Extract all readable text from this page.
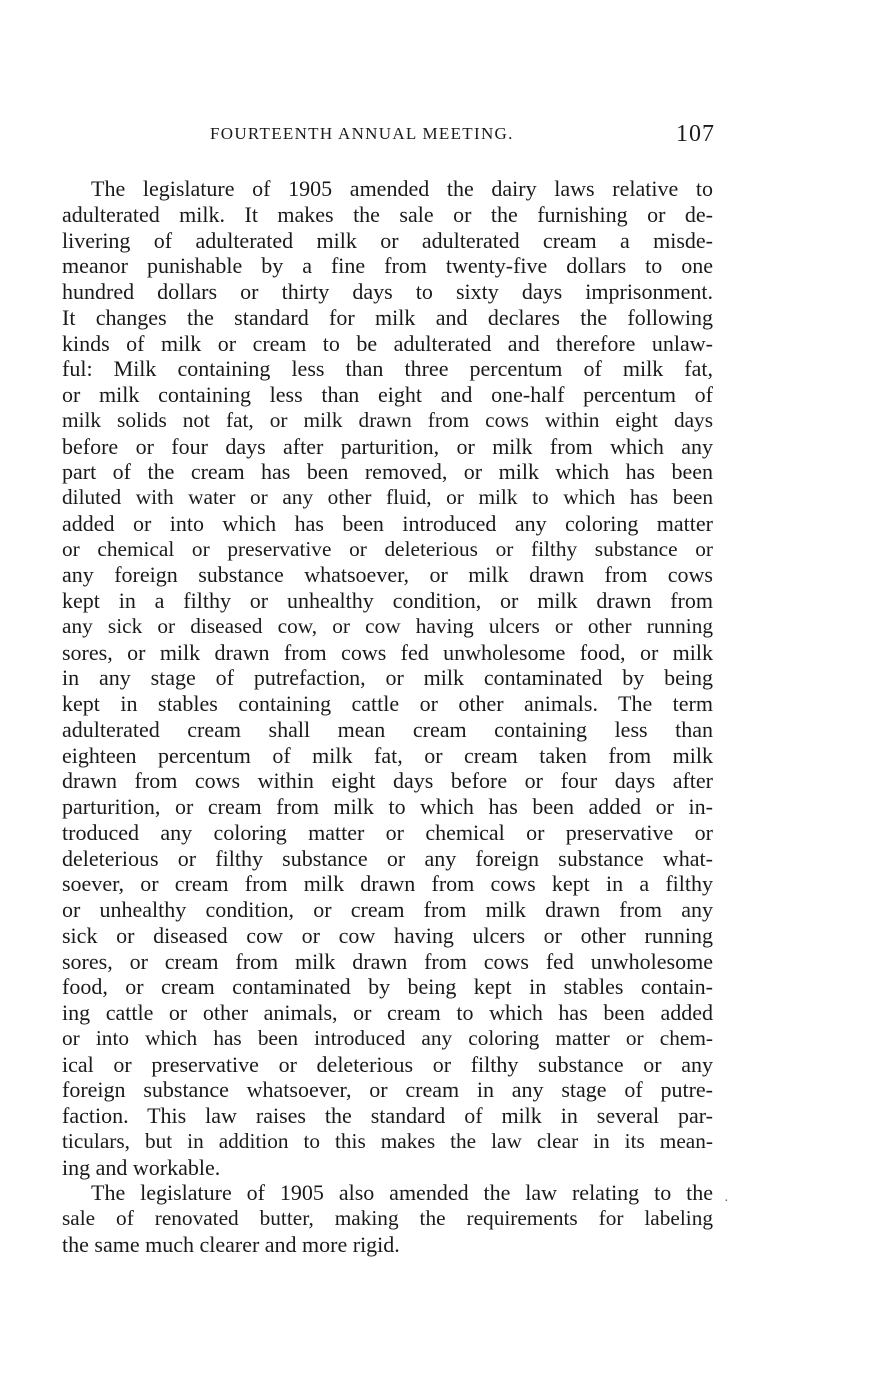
FOURTEENTH ANNUAL MEETING.	107
The legislature of 1905 amended the dairy laws relative to
adulterated milk. It makes the sale or the furnishing or de-
livering of adulterated milk or adulterated cream a misde-
meanor punishable by a fine from twenty-five dollars to one
hundred dollars or thirty days to sixty days imprisonment.
It changes the standard for milk and declares the following
kinds of milk or cream to be adulterated and therefore unlaw-
ful: Milk containing less than three percentum of milk fat,
or milk containing less than eight and one-half percentum of
milk solids not fat, or milk drawn from cows within eight days
before or four days after parturition, or milk from which any
part of the cream has been removed, or milk which has been
diluted with water or any other fluid, or milk to which has been
added or into which has been introduced any coloring matter
or chemical or preservative or deleterious or filthy substance or
any foreign substance whatsoever, or milk drawn from cows
kept in a filthy or unhealthy condition, or milk drawn from
any sick or diseased cow, or cow having ulcers or other running
sores, or milk drawn from cows fed unwholesome food, or milk
in any stage of putrefaction, or milk contaminated by being
kept in stables containing cattle or other animals. The term
adulterated cream shall mean cream containing less than
eighteen percentum of milk fat, or cream taken from milk
drawn from cows within eight days before or four days after
parturition, or cream from milk to which has been added or in-
troduced any coloring matter or chemical or preservative or
deleterious or filthy substance or any foreign substance what-
soever, or cream from milk drawn from cows kept in a filthy
or unhealthy condition, or cream from milk drawn from any
sick or diseased cow or cow having ulcers or other running
sores, or cream from milk drawn from cows fed unwholesome
food, or cream contaminated by being kept in stables contain-
ing cattle or other animals, or cream to which has been added
or into which has been introduced any coloring matter or chem-
ical or preservative or deleterious or filthy substance or any
foreign substance whatsoever, or cream in any stage of putre-
faction. This law raises the standard of milk in several par-
ticulars, but in addition to this makes the law clear in its mean-
ing and workable.
The legislature of 1905 also amended the law relating to the
sale of renovated butter, making the requirements for labeling
the same much clearer and more rigid.
·
